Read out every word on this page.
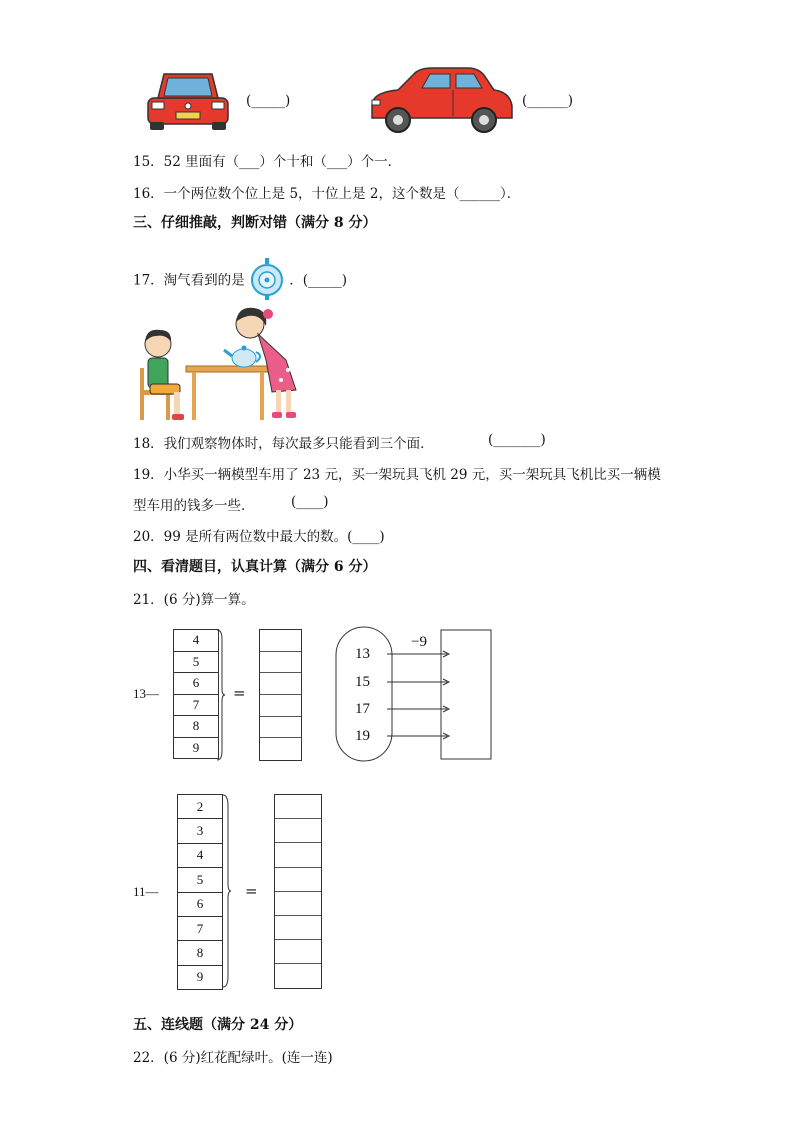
(_____)	(______)
15．52 里面有（___）个十和（___）个一．
16．一个两位数个位上是 5，十位上是 2，这个数是（______）．
三、仔细推敲，判断对错（满分 8 分）
17．淘气看到的是	．(_____)
18．我们观察物体时，每次最多只能看到三个面．	(_______)
19．小华买一辆模型车用了 23 元，买一架玩具飞机 29 元，买一架玩具飞机比买一辆模
型车用的钱多一些．	(____)
20．99 是所有两位数中最大的数。(____)
四、看清题目，认真计算（满分 6 分）
21．(6 分)算一算。
13—
4
5
6
7
8
9
=
−9
13
15
17
19
11—
2
3
4
5
6
7
8
9
=
五、连线题（满分 24 分）
22．(6 分)红花配绿叶。(连一连)
